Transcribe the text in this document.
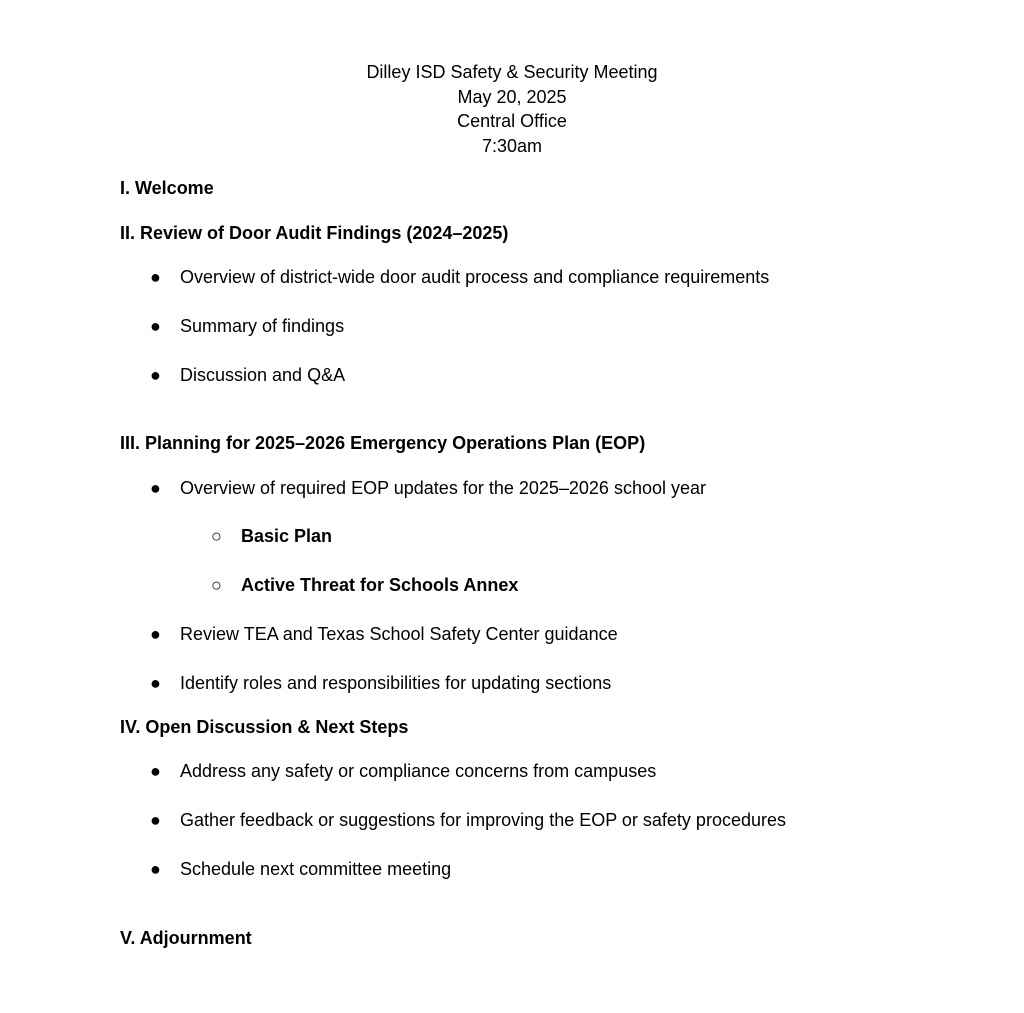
Dilley ISD Safety & Security Meeting
May 20, 2025
Central Office
7:30am
I. Welcome
II. Review of Door Audit Findings (2024–2025)
● Overview of district-wide door audit process and compliance requirements
● Summary of findings
● Discussion and Q&A
III. Planning for 2025–2026 Emergency Operations Plan (EOP)
● Overview of required EOP updates for the 2025–2026 school year
○ Basic Plan
○ Active Threat for Schools Annex
● Review TEA and Texas School Safety Center guidance
● Identify roles and responsibilities for updating sections
IV. Open Discussion & Next Steps
● Address any safety or compliance concerns from campuses
● Gather feedback or suggestions for improving the EOP or safety procedures
● Schedule next committee meeting
V. Adjournment
